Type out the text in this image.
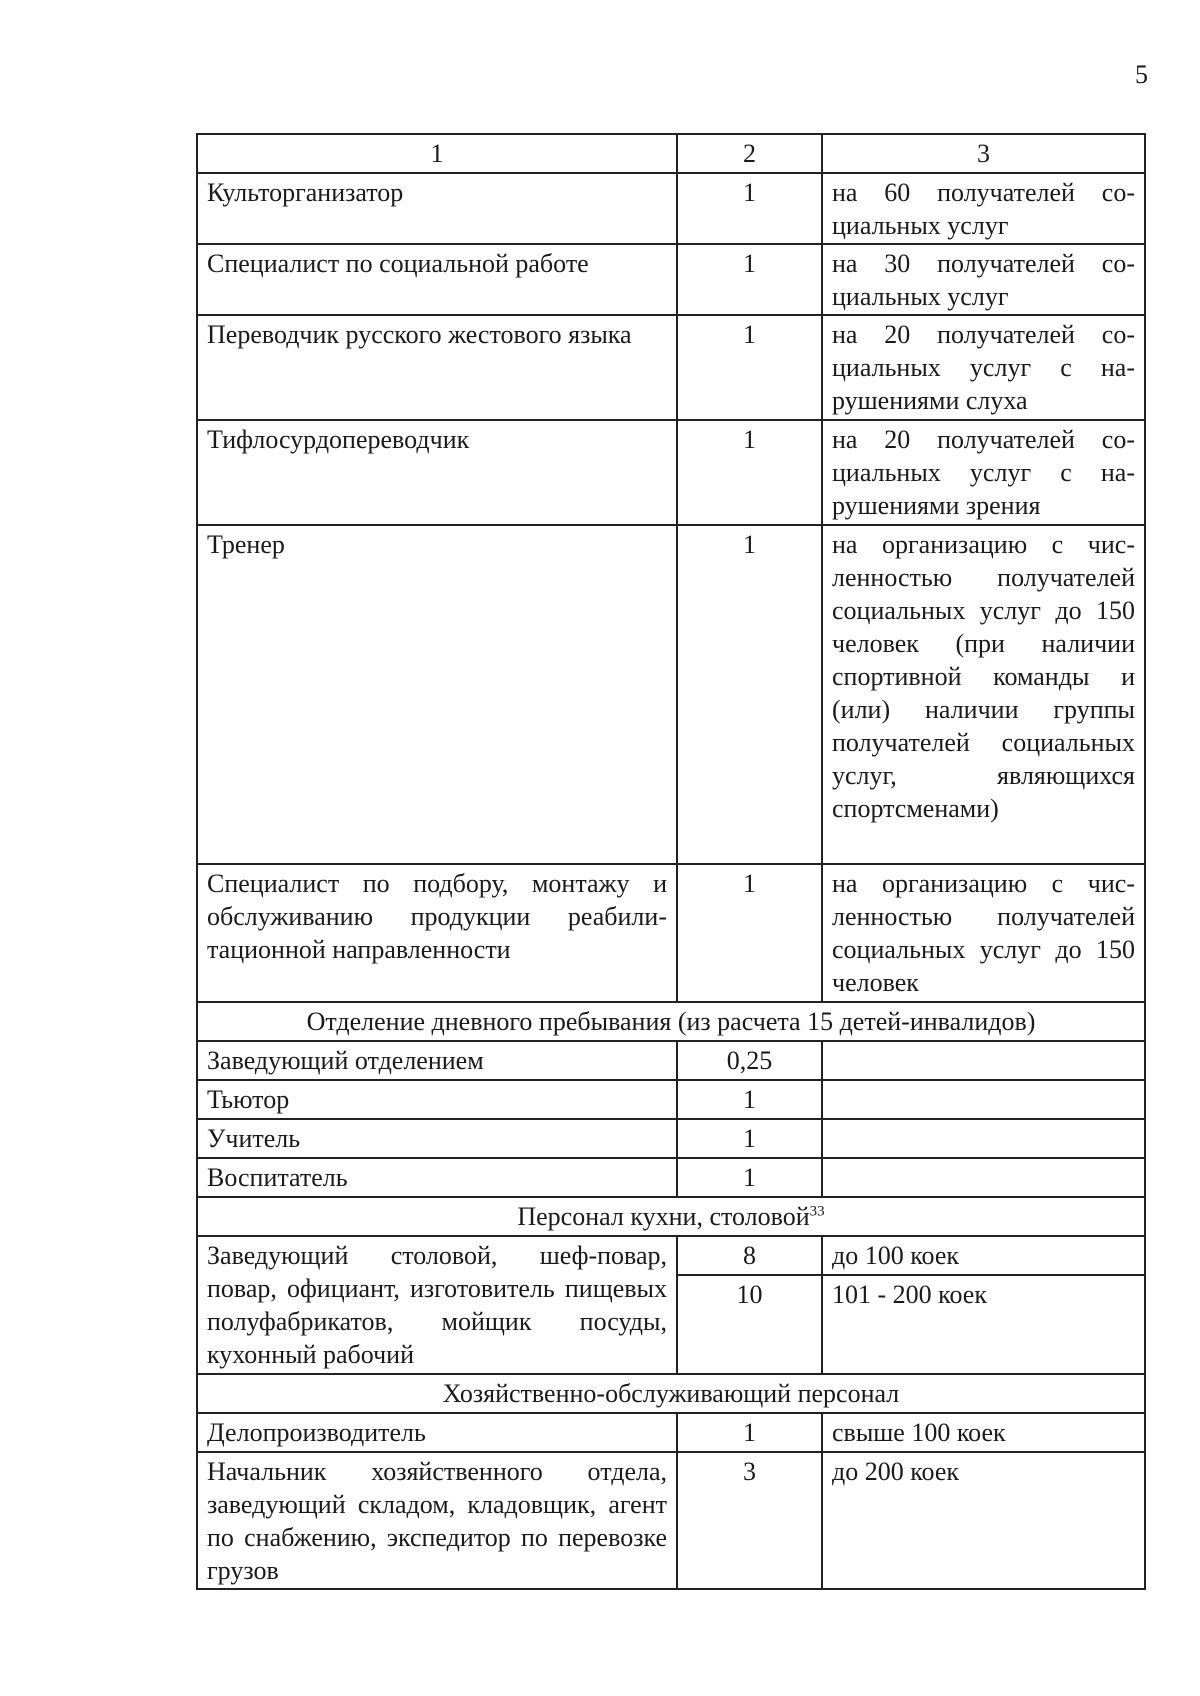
5
1	2	3
Культорганизатор	1	на 60 получателей социальных услуг
Специалист по социальной работе	1	на 30 получателей социальных услуг
Переводчик русского жестового языка	1	на 20 получателей социальных услуг с нарушениями слуха
Тифлосурдопереводчик	1	на 20 получателей социальных услуг с нарушениями зрения
Тренер	1	на организацию с численностью получателей социальных услуг до 150 человек (при наличии спортивной команды и (или) наличии группы получателей социальных услуг, являющихся спортсменами)
Специалист по подбору, монтажу и обслуживанию продукции реабилитационной направленности	1	на организацию с численностью получателей социальных услуг до 150 человек
Отделение дневного пребывания (из расчета 15 детей-инвалидов)		
Заведующий отделением	0,25	
Тьютор	1	
Учитель	1	
Воспитатель	1	
Персонал кухни, столовой$^{33}$
Заведующий столовой, шеф-повар, повар, официант, изготовитель пищевых полуфабрикатов, мойщик посуды, кухонный рабочий	8	до 100 коек
	10	101 - 200 коек
Хозяйственно-обслуживающий персонал		
Делопроизводитель	1	свыше 100 коек
Начальник хозяйственного отдела, заведующий складом, кладовщик, агент по снабжению, экспедитор по перевозке грузов	3	до 200 коек
